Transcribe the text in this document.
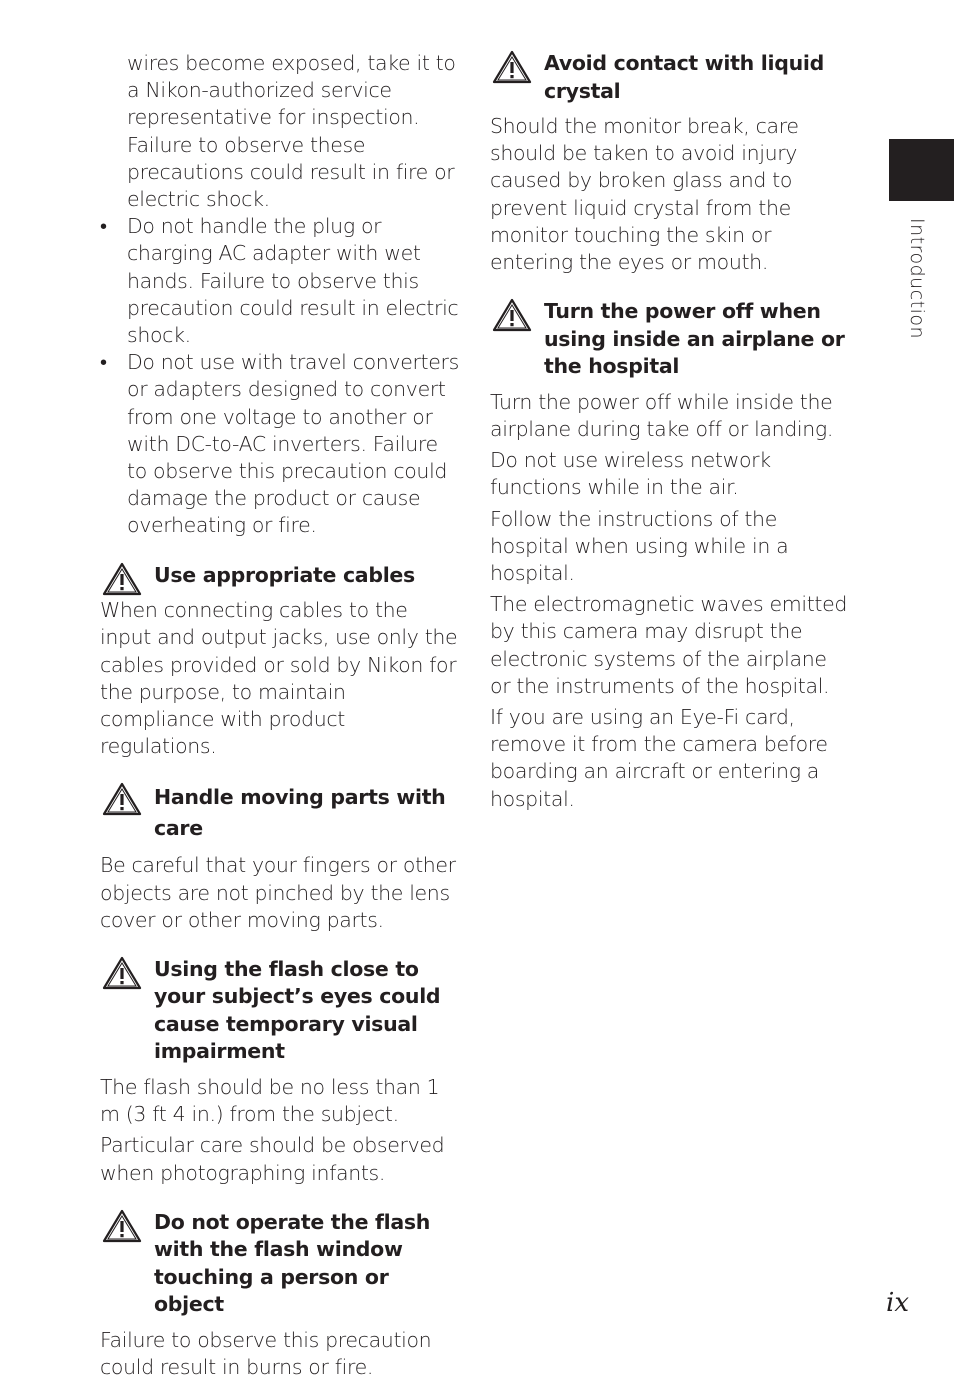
Introduction

wires become exposed, take it to a Nikon-authorized service representative for inspection. Failure to observe these precautions could result in fire or electric shock.

• Do not handle the plug or charging AC adapter with wet hands. Failure to observe this precaution could result in electric shock.
• Do not use with travel converters or adapters designed to convert from one voltage to another or with DC-to-AC inverters. Failure to observe this precaution could damage the product or cause overheating or fire.
Use appropriate cables

When connecting cables to the input and output jacks, use only the cables provided or sold by Nikon for the purpose, to maintain compliance with product regulations.

Handle moving parts with care

Be careful that your fingers or other objects are not pinched by the lens cover or other moving parts.

Using the flash close to your subject’s eyes could cause temporary visual impairment

The flash should be no less than 1 m (3 ft 4 in.) from the subject.

Particular care should be observed when photographing infants.

Do not operate the flash with the flash window touching a person or object

Failure to observe this precaution could result in burns or fire.

Avoid contact with liquid crystal

Should the monitor break, care should be taken to avoid injury caused by broken glass and to prevent liquid crystal from the monitor touching the skin or entering the eyes or mouth.

Turn the power off when using inside an airplane or the hospital

Turn the power off while inside the airplane during take off or landing.

Do not use wireless network functions while in the air.

Follow the instructions of the hospital when using while in a hospital.

The electromagnetic waves emitted by this camera may disrupt the electronic systems of the airplane or the instruments of the hospital.

If you are using an Eye-Fi card, remove it from the camera before boarding an aircraft or entering a hospital.

ix
